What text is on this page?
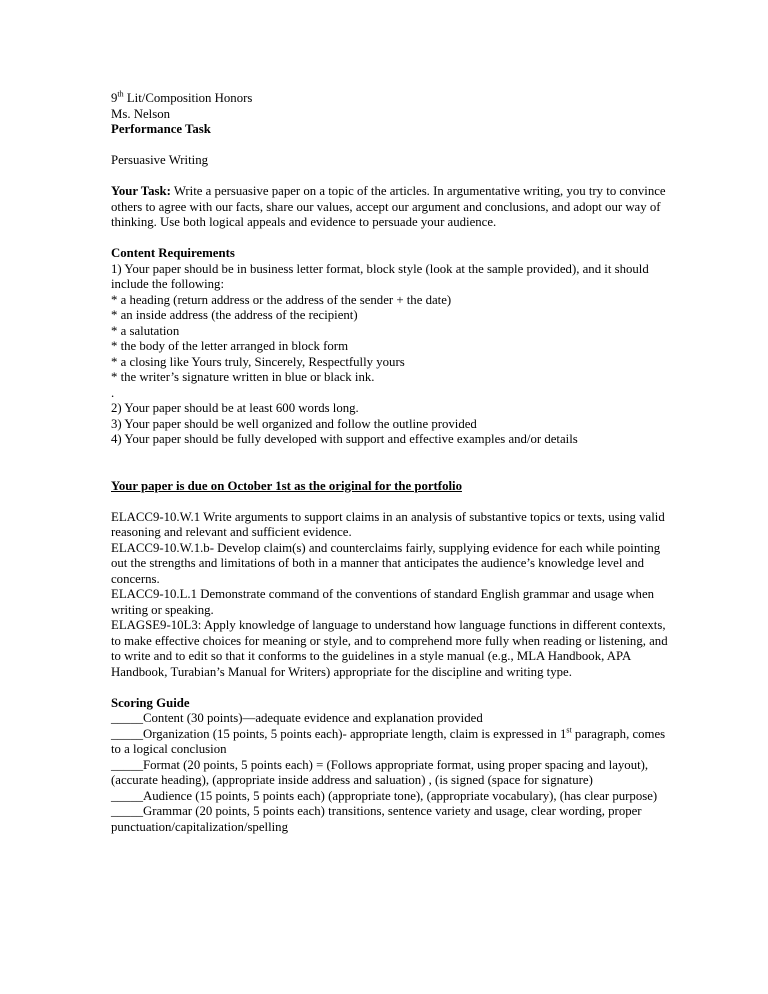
9th Lit/Composition Honors

Ms. Nelson

Performance Task

Persuasive Writing

Your Task: Write a persuasive paper on a topic of the articles. In argumentative writing, you try to convince others to agree with our facts, share our values, accept our argument and conclusions, and adopt our way of thinking. Use both logical appeals and evidence to persuade your audience.

Content Requirements

1) Your paper should be in business letter format, block style (look at the sample provided), and it should include the following:

* a heading (return address or the address of the sender + the date)

* an inside address (the address of the recipient)

* a salutation

* the body of the letter arranged in block form

* a closing like Yours truly, Sincerely, Respectfully yours

* the writer’s signature written in blue or black ink.

.

2) Your paper should be at least 600 words long.

3) Your paper should be well organized and follow the outline provided

4) Your paper should be fully developed with support and effective examples and/or details

Your paper is due on October 1st as the original for the portfolio

ELACC9-10.W.1 Write arguments to support claims in an analysis of substantive topics or texts, using valid reasoning and relevant and sufficient evidence.

ELACC9-10.W.1.b- Develop claim(s) and counterclaims fairly, supplying evidence for each while pointing out the strengths and limitations of both in a manner that anticipates the audience’s knowledge level and concerns.

ELACC9-10.L.1 Demonstrate command of the conventions of standard English grammar and usage when writing or speaking.

ELAGSE9-10L3: Apply knowledge of language to understand how language functions in different contexts, to make effective choices for meaning or style, and to comprehend more fully when reading or listening, and to write and to edit so that it conforms to the guidelines in a style manual (e.g., MLA Handbook, APA Handbook, Turabian’s Manual for Writers) appropriate for the discipline and writing type.

Scoring Guide

_____Content (30 points)—adequate evidence and explanation provided

_____Organization (15 points, 5 points each)- appropriate length, claim is expressed in 1st paragraph, comes to a logical conclusion

_____Format (20 points, 5 points each) = (Follows appropriate format, using proper spacing and layout), (accurate heading), (appropriate inside address and saluation) , (is signed (space for signature)

_____Audience (15 points, 5 points each) (appropriate tone), (appropriate vocabulary), (has clear purpose)

_____Grammar (20 points, 5 points each) transitions, sentence variety and usage, clear wording, proper punctuation/capitalization/spelling
